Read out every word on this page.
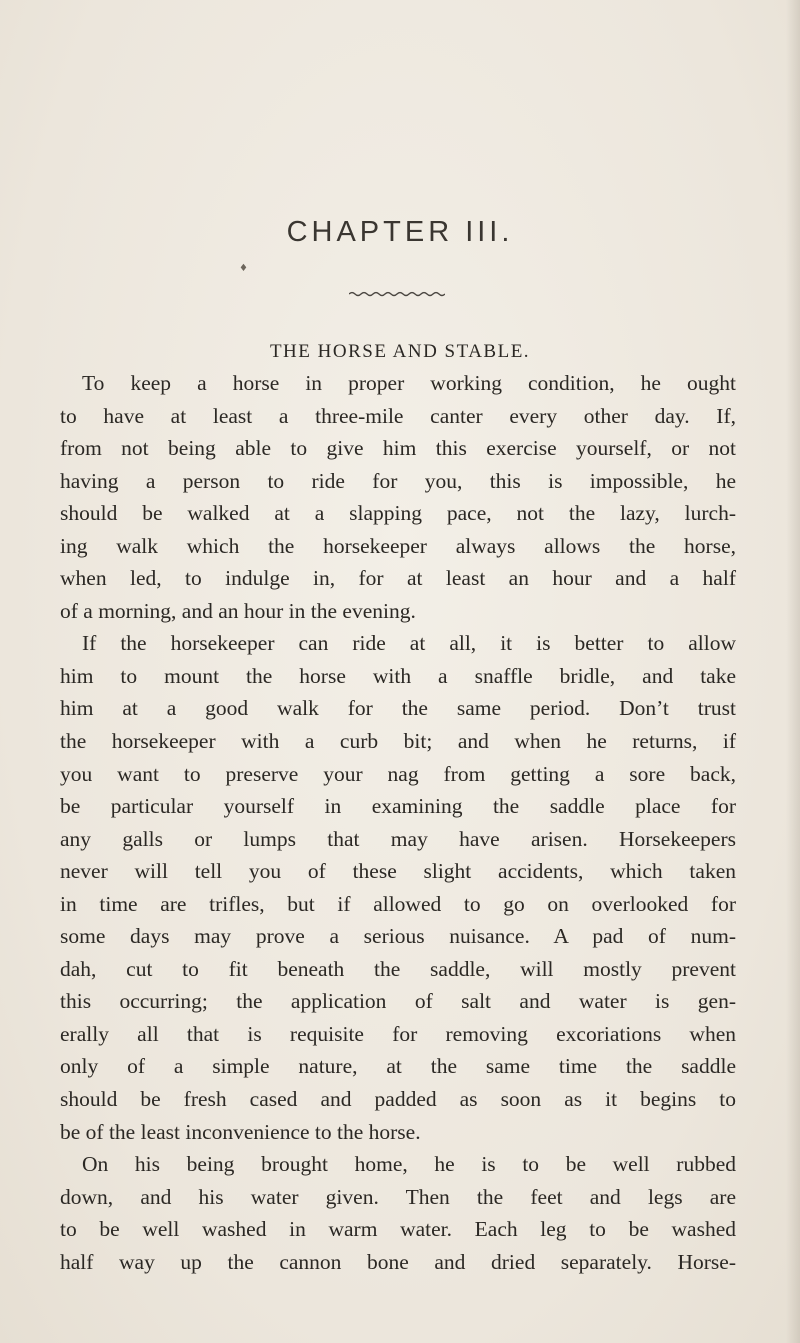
CHAPTER III.
♦
THE HORSE AND STABLE.
To keep a horse in proper working condition, he ought
to have at least a three-mile canter every other day. If,
from not being able to give him this exercise yourself, or not
having a person to ride for you, this is impossible, he
should be walked at a slapping pace, not the lazy, lurch-
ing walk which the horsekeeper always allows the horse,
when led, to indulge in, for at least an hour and a half
of a morning, and an hour in the evening.
If the horsekeeper can ride at all, it is better to allow
him to mount the horse with a snaffle bridle, and take
him at a good walk for the same period. Don’t trust
the horsekeeper with a curb bit; and when he returns, if
you want to preserve your nag from getting a sore back,
be particular yourself in examining the saddle place for
any galls or lumps that may have arisen. Horsekeepers
never will tell you of these slight accidents, which taken
in time are trifles, but if allowed to go on overlooked for
some days may prove a serious nuisance. A pad of num-
dah, cut to fit beneath the saddle, will mostly prevent
this occurring; the application of salt and water is gen-
erally all that is requisite for removing excoriations when
only of a simple nature, at the same time the saddle
should be fresh cased and padded as soon as it begins to
be of the least inconvenience to the horse.
On his being brought home, he is to be well rubbed
down, and his water given. Then the feet and legs are
to be well washed in warm water. Each leg to be washed
half way up the cannon bone and dried separately. Horse-
